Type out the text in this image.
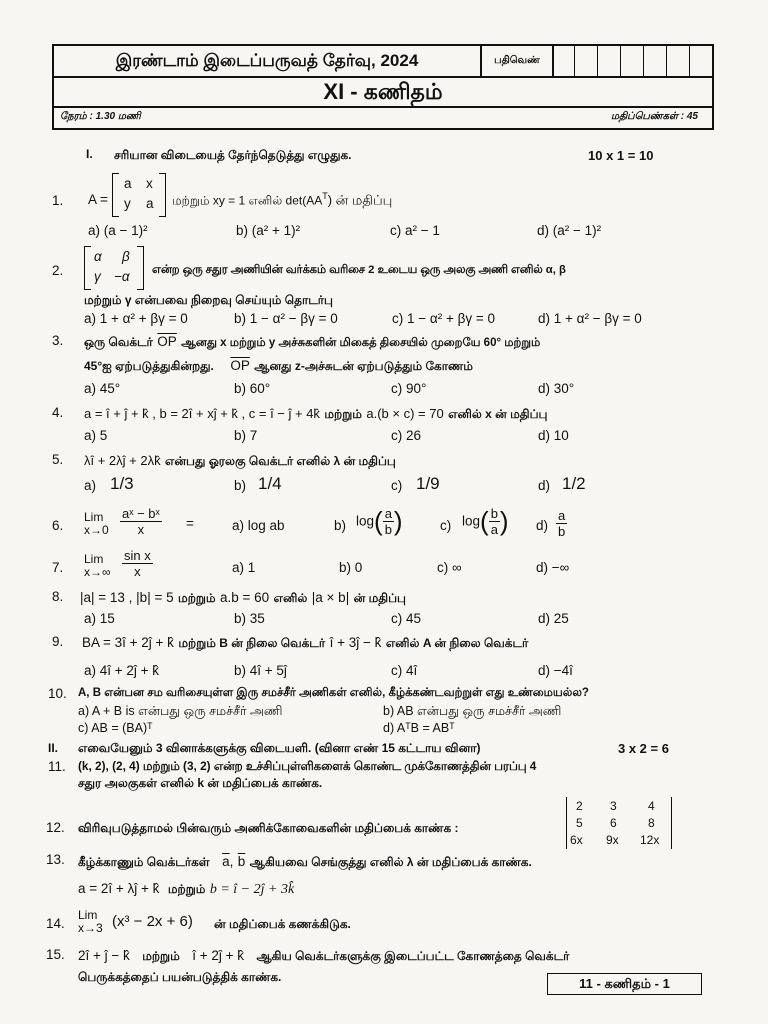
இரண்டாம் இடைப்பருவத் தேர்வு, 2024	பதிவெண்
XI - கணிதம்
நேரம் : 1.30 மணி	மதிப்பெண்கள் : 45
I. சரியான விடையைத் தேர்ந்தெடுத்து எழுதுக.	10 x 1 = 10
1. A =
a x
y a மற்றும் xy = 1 எனில் $\det(AA^T)$ ன் மதிப்பு
a) (a − 1)²	b) (a² + 1)²	c) a² − 1	d) (a² − 1)²
2.
α β
γ −α என்ற ஒரு சதுர அணியின் வர்க்கம் வரிசை 2 உடைய ஒரு அலகு அணி எனில் α, β
மற்றும் γ என்பவை நிறைவு செய்யும் தொடர்பு
a) 1 + α² + βγ = 0	b) 1 − α² − βγ = 0	c) 1 − α² + βγ = 0	d) 1 + α² − βγ = 0
3. ஒரு வெக்டர் $\overline{OP}$ ஆனது x மற்றும் y அச்சுகளின் மிகைத் திசையில் முறையே 60° மற்றும்
45°ஐ ஏற்படுத்துகின்றது. $\overline{OP}$ ஆனது z-அச்சுடன் ஏற்படுத்தும் கோணம்
a) 45°	b) 60°	c) 90°	d) 30°
4. a = î + ĵ + k̂ , b = 2î + xĵ + k̂ , c = î − ĵ + 4k̂ மற்றும் a.(b × c) = 70 எனில் x ன் மதிப்பு
a) 5	b) 7	c) 26	d) 10
5. λî + 2λĵ + 2λk̂ என்பது ஓரலகு வெக்டர் எனில் λ ன் மதிப்பு
a) 1/3	b) 1/4	c) 1/9	d) 1/2
6.
Lim
$x\to 0 \frac{\text{aˣ − bˣ}}{x}$ =	a) log ab	b) $\log( \frac{a}{b}$ )	c) $\log( \frac{b}{a}$ ) $d) \frac{a}{b}$
7.
Lim
$x\to\infty \frac{\text{sin x}}{x}$	a) 1	b) 0	c) ∞	d) −∞
8. |a| = 13 , |b| = 5 மற்றும் a.b = 60 எனில் |a × b| ன் மதிப்பு
a) 15	b) 35	c) 45	d) 25
9. BA = 3î + 2ĵ + k̂ மற்றும் B ன் நிலை வெக்டர் î + 3ĵ − k̂ எனில் A ன் நிலை வெக்டர்
a) 4î + 2ĵ + k̂	b) 4î + 5ĵ	c) 4î	d) −4î
10. A, B என்பன சம வரிசையுள்ள இரு சமச்சீர் அணிகள் எனில், கீழ்க்கண்டவற்றுள் எது உண்மையல்ல?
a) A + B is என்பது ஒரு சமச்சீர் அணி	b) AB என்பது ஒரு சமச்சீர் அணி
c) AB = (BA)ᵀ	d) AᵀB = ABᵀ
II. எவையேனும் 3 வினாக்களுக்கு விடையளி. (வினா எண் 15 கட்டாய வினா)	3 x 2 = 6
11. (k, 2), (2, 4) மற்றும் (3, 2) என்ற உச்சிப்புள்ளிகளைக் கொண்ட முக்கோணத்தின் பரப்பு 4
சதுர அலகுகள் எனில் k ன் மதிப்பைக் காண்க.
12. விரிவுபடுத்தாமல் பின்வரும் அணிக்கோவைகளின் மதிப்பைக் காண்க :
2 3	4
5 6	8
6x 9x 12x
13. கீழ்க்காணும் வெக்டர்கள் $\overline{a}$, $\overline{b}$ ஆகியவை செங்குத்து எனில் λ ன் மதிப்பைக் காண்க.
a = 2î + λĵ + k̂ மற்றும் b = î − 2ĵ + 3k̂
14.
Lim
x→3 (x³ − 2x + 6) ன் மதிப்பைக் கணக்கிடுக.
15. 2î + ĵ − k̂ மற்றும் î + 2ĵ + k̂ ஆகிய வெக்டர்களுக்கு இடைப்பட்ட கோணத்தை வெக்டர்
பெருக்கத்தைப் பயன்படுத்திக் காண்க.	11 - கணிதம் - 1
